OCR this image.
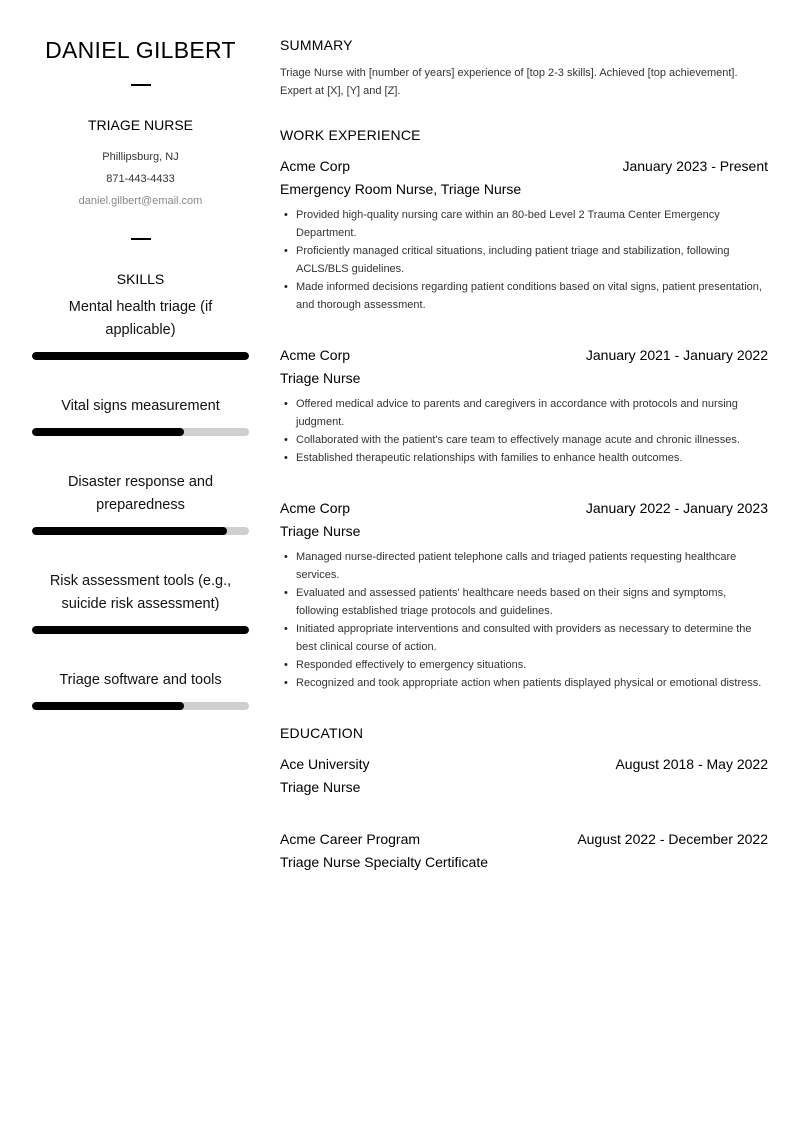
DANIEL GILBERT
TRIAGE NURSE
Phillipsburg, NJ
871-443-4433
daniel.gilbert@email.com
SKILLS
Mental health triage (if applicable)
Vital signs measurement
Disaster response and preparedness
Risk assessment tools (e.g., suicide risk assessment)
Triage software and tools
SUMMARY
Triage Nurse with [number of years] experience of [top 2-3 skills]. Achieved [top achievement]. Expert at [X], [Y] and [Z].
WORK EXPERIENCE
Acme Corp	January 2023 - Present
Emergency Room Nurse, Triage Nurse
• Provided high-quality nursing care within an 80-bed Level 2 Trauma Center Emergency Department.
• Proficiently managed critical situations, including patient triage and stabilization, following ACLS/BLS guidelines.
• Made informed decisions regarding patient conditions based on vital signs, patient presentation, and thorough assessment.
Acme Corp	January 2021 - January 2022
Triage Nurse
• Offered medical advice to parents and caregivers in accordance with protocols and nursing judgment.
• Collaborated with the patient's care team to effectively manage acute and chronic illnesses.
• Established therapeutic relationships with families to enhance health outcomes.
Acme Corp	January 2022 - January 2023
Triage Nurse
• Managed nurse-directed patient telephone calls and triaged patients requesting healthcare services.
• Evaluated and assessed patients' healthcare needs based on their signs and symptoms, following established triage protocols and guidelines.
• Initiated appropriate interventions and consulted with providers as necessary to determine the best clinical course of action.
• Responded effectively to emergency situations.
• Recognized and took appropriate action when patients displayed physical or emotional distress.
EDUCATION
Ace University	August 2018 - May 2022
Triage Nurse
Acme Career Program	August 2022 - December 2022
Triage Nurse Specialty Certificate
